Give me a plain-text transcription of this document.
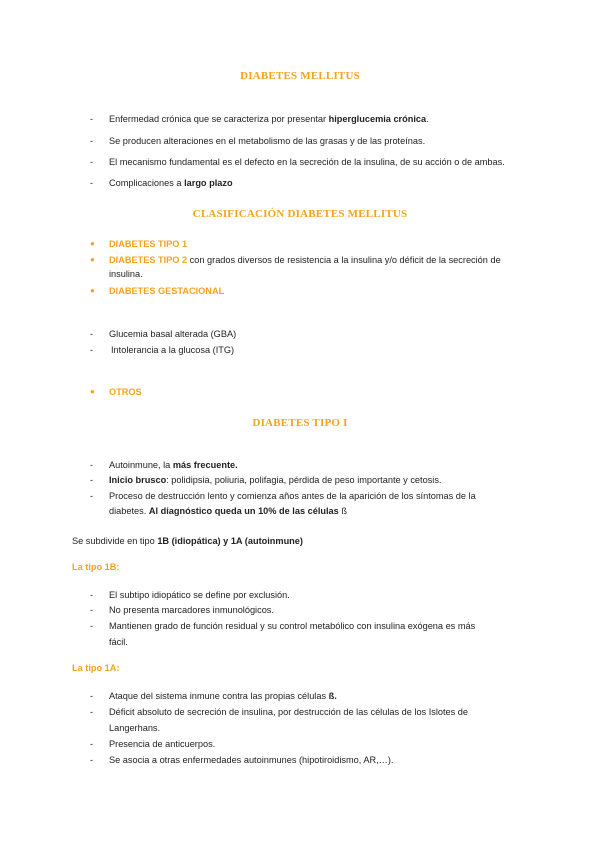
DIABETES MELLITUS
- Enfermedad crónica que se caracteriza por presentar hiperglucemia crónica.
- Se producen alteraciones en el metabolismo de las grasas y de las proteínas.
- El mecanismo fundamental es el defecto en la secreción de la insulina, de su acción o de ambas.
- Complicaciones a largo plazo
CLASIFICACIÓN DIABETES MELLITUS
● DIABETES TIPO 1
● DIABETES TIPO 2 con grados diversos de resistencia a la insulina y/o déficit de la secreción de
insulina.
● DIABETES GESTACIONAL
- Glucemia basal alterada (GBA)
- Intolerancia a la glucosa (ITG)
● OTROS
DIABETES TIPO I
- Autoinmune, la más frecuente.
- Inicio brusco: polidipsia, poliuria, polifagia, pérdida de peso importante y cetosis.
- Proceso de destrucción lento y comienza años antes de la aparición de los síntomas de la
diabetes. Al diagnóstico queda un 10% de las células ß
Se subdivide en tipo 1B (idiopática) y 1A (autoinmune)
La tipo 1B:
- El subtipo idiopático se define por exclusión.
- No presenta marcadores inmunológicos.
- Mantienen grado de función residual y su control metabólico con insulina exógena es más
fácil.
La tipo 1A:
- Ataque del sistema inmune contra las propias células ß.
- Déficit absoluto de secreción de insulina, por destrucción de las células de los Islotes de
Langerhans.
- Presencia de anticuerpos.
- Se asocia a otras enfermedades autoinmunes (hipotiroidismo, AR,…).
